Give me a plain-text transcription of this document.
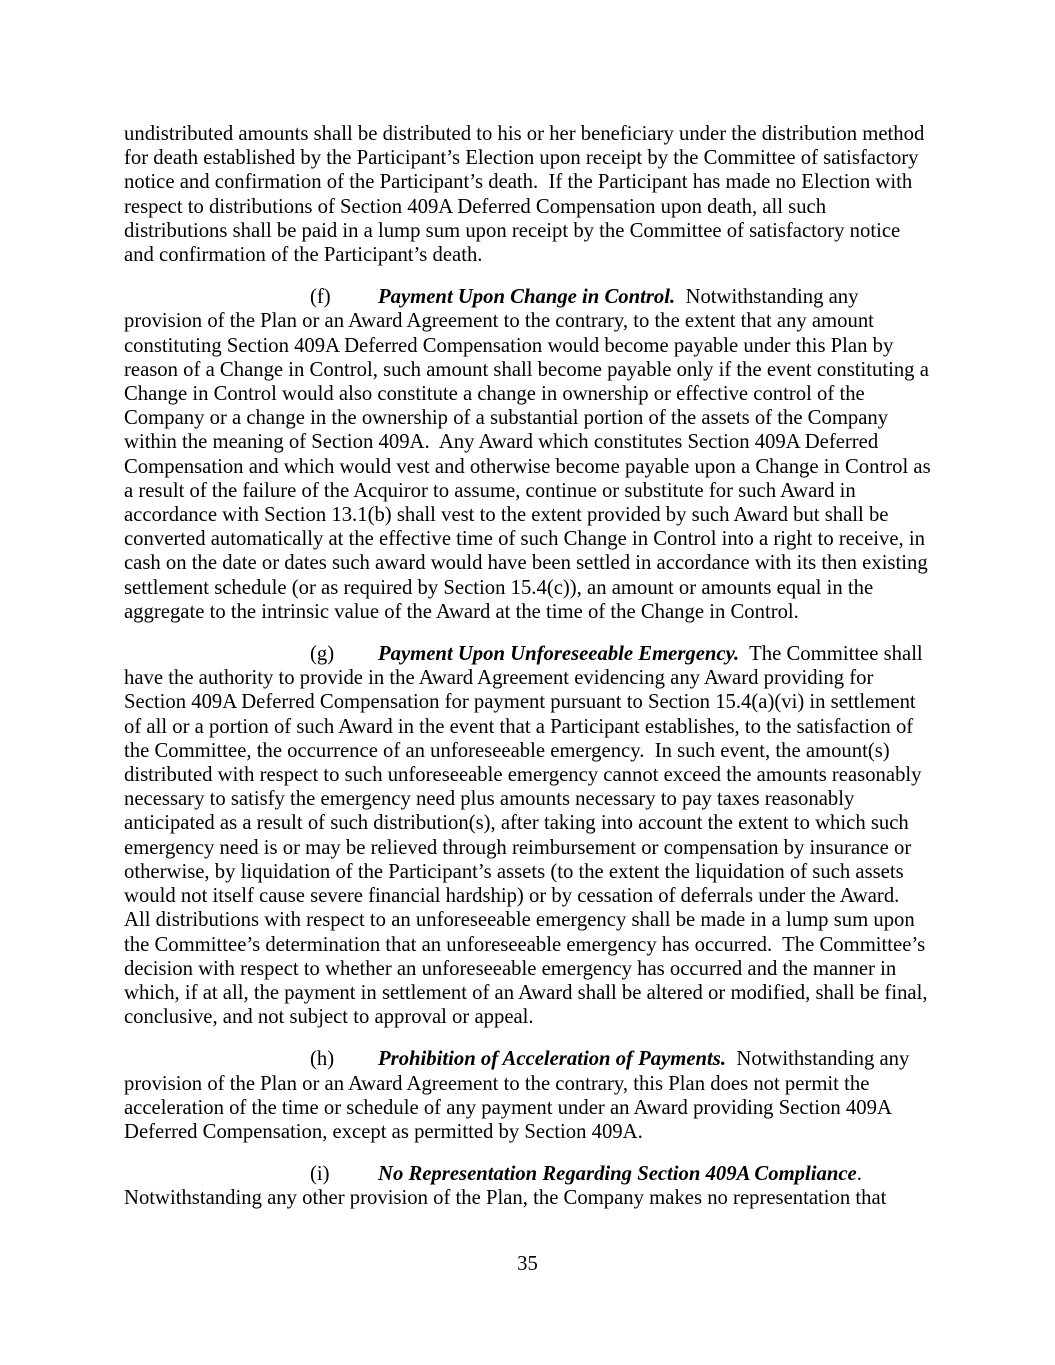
undistributed amounts shall be distributed to his or her beneficiary under the distribution method for death established by the Participant’s Election upon receipt by the Committee of satisfactory notice and confirmation of the Participant’s death.  If the Participant has made no Election with respect to distributions of Section 409A Deferred Compensation upon death, all such distributions shall be paid in a lump sum upon receipt by the Committee of satisfactory notice and confirmation of the Participant’s death.

(f) Payment Upon Change in Control.  Notwithstanding any provision of the Plan or an Award Agreement to the contrary, to the extent that any amount constituting Section 409A Deferred Compensation would become payable under this Plan by reason of a Change in Control, such amount shall become payable only if the event constituting a Change in Control would also constitute a change in ownership or effective control of the Company or a change in the ownership of a substantial portion of the assets of the Company within the meaning of Section 409A.  Any Award which constitutes Section 409A Deferred Compensation and which would vest and otherwise become payable upon a Change in Control as a result of the failure of the Acquiror to assume, continue or substitute for such Award in accordance with Section 13.1(b) shall vest to the extent provided by such Award but shall be converted automatically at the effective time of such Change in Control into a right to receive, in cash on the date or dates such award would have been settled in accordance with its then existing settlement schedule (or as required by Section 15.4(c)), an amount or amounts equal in the aggregate to the intrinsic value of the Award at the time of the Change in Control.

(g) Payment Upon Unforeseeable Emergency.  The Committee shall have the authority to provide in the Award Agreement evidencing any Award providing for Section 409A Deferred Compensation for payment pursuant to Section 15.4(a)(vi) in settlement of all or a portion of such Award in the event that a Participant establishes, to the satisfaction of the Committee, the occurrence of an unforeseeable emergency.  In such event, the amount(s) distributed with respect to such unforeseeable emergency cannot exceed the amounts reasonably necessary to satisfy the emergency need plus amounts necessary to pay taxes reasonably anticipated as a result of such distribution(s), after taking into account the extent to which such emergency need is or may be relieved through reimbursement or compensation by insurance or otherwise, by liquidation of the Participant’s assets (to the extent the liquidation of such assets would not itself cause severe financial hardship) or by cessation of deferrals under the Award.  All distributions with respect to an unforeseeable emergency shall be made in a lump sum upon the Committee’s determination that an unforeseeable emergency has occurred.  The Committee’s decision with respect to whether an unforeseeable emergency has occurred and the manner in which, if at all, the payment in settlement of an Award shall be altered or modified, shall be final, conclusive, and not subject to approval or appeal.

(h) Prohibition of Acceleration of Payments.  Notwithstanding any provision of the Plan or an Award Agreement to the contrary, this Plan does not permit the acceleration of the time or schedule of any payment under an Award providing Section 409A Deferred Compensation, except as permitted by Section 409A.

(i) No Representation Regarding Section 409A Compliance. Notwithstanding any other provision of the Plan, the Company makes no representation that

35
